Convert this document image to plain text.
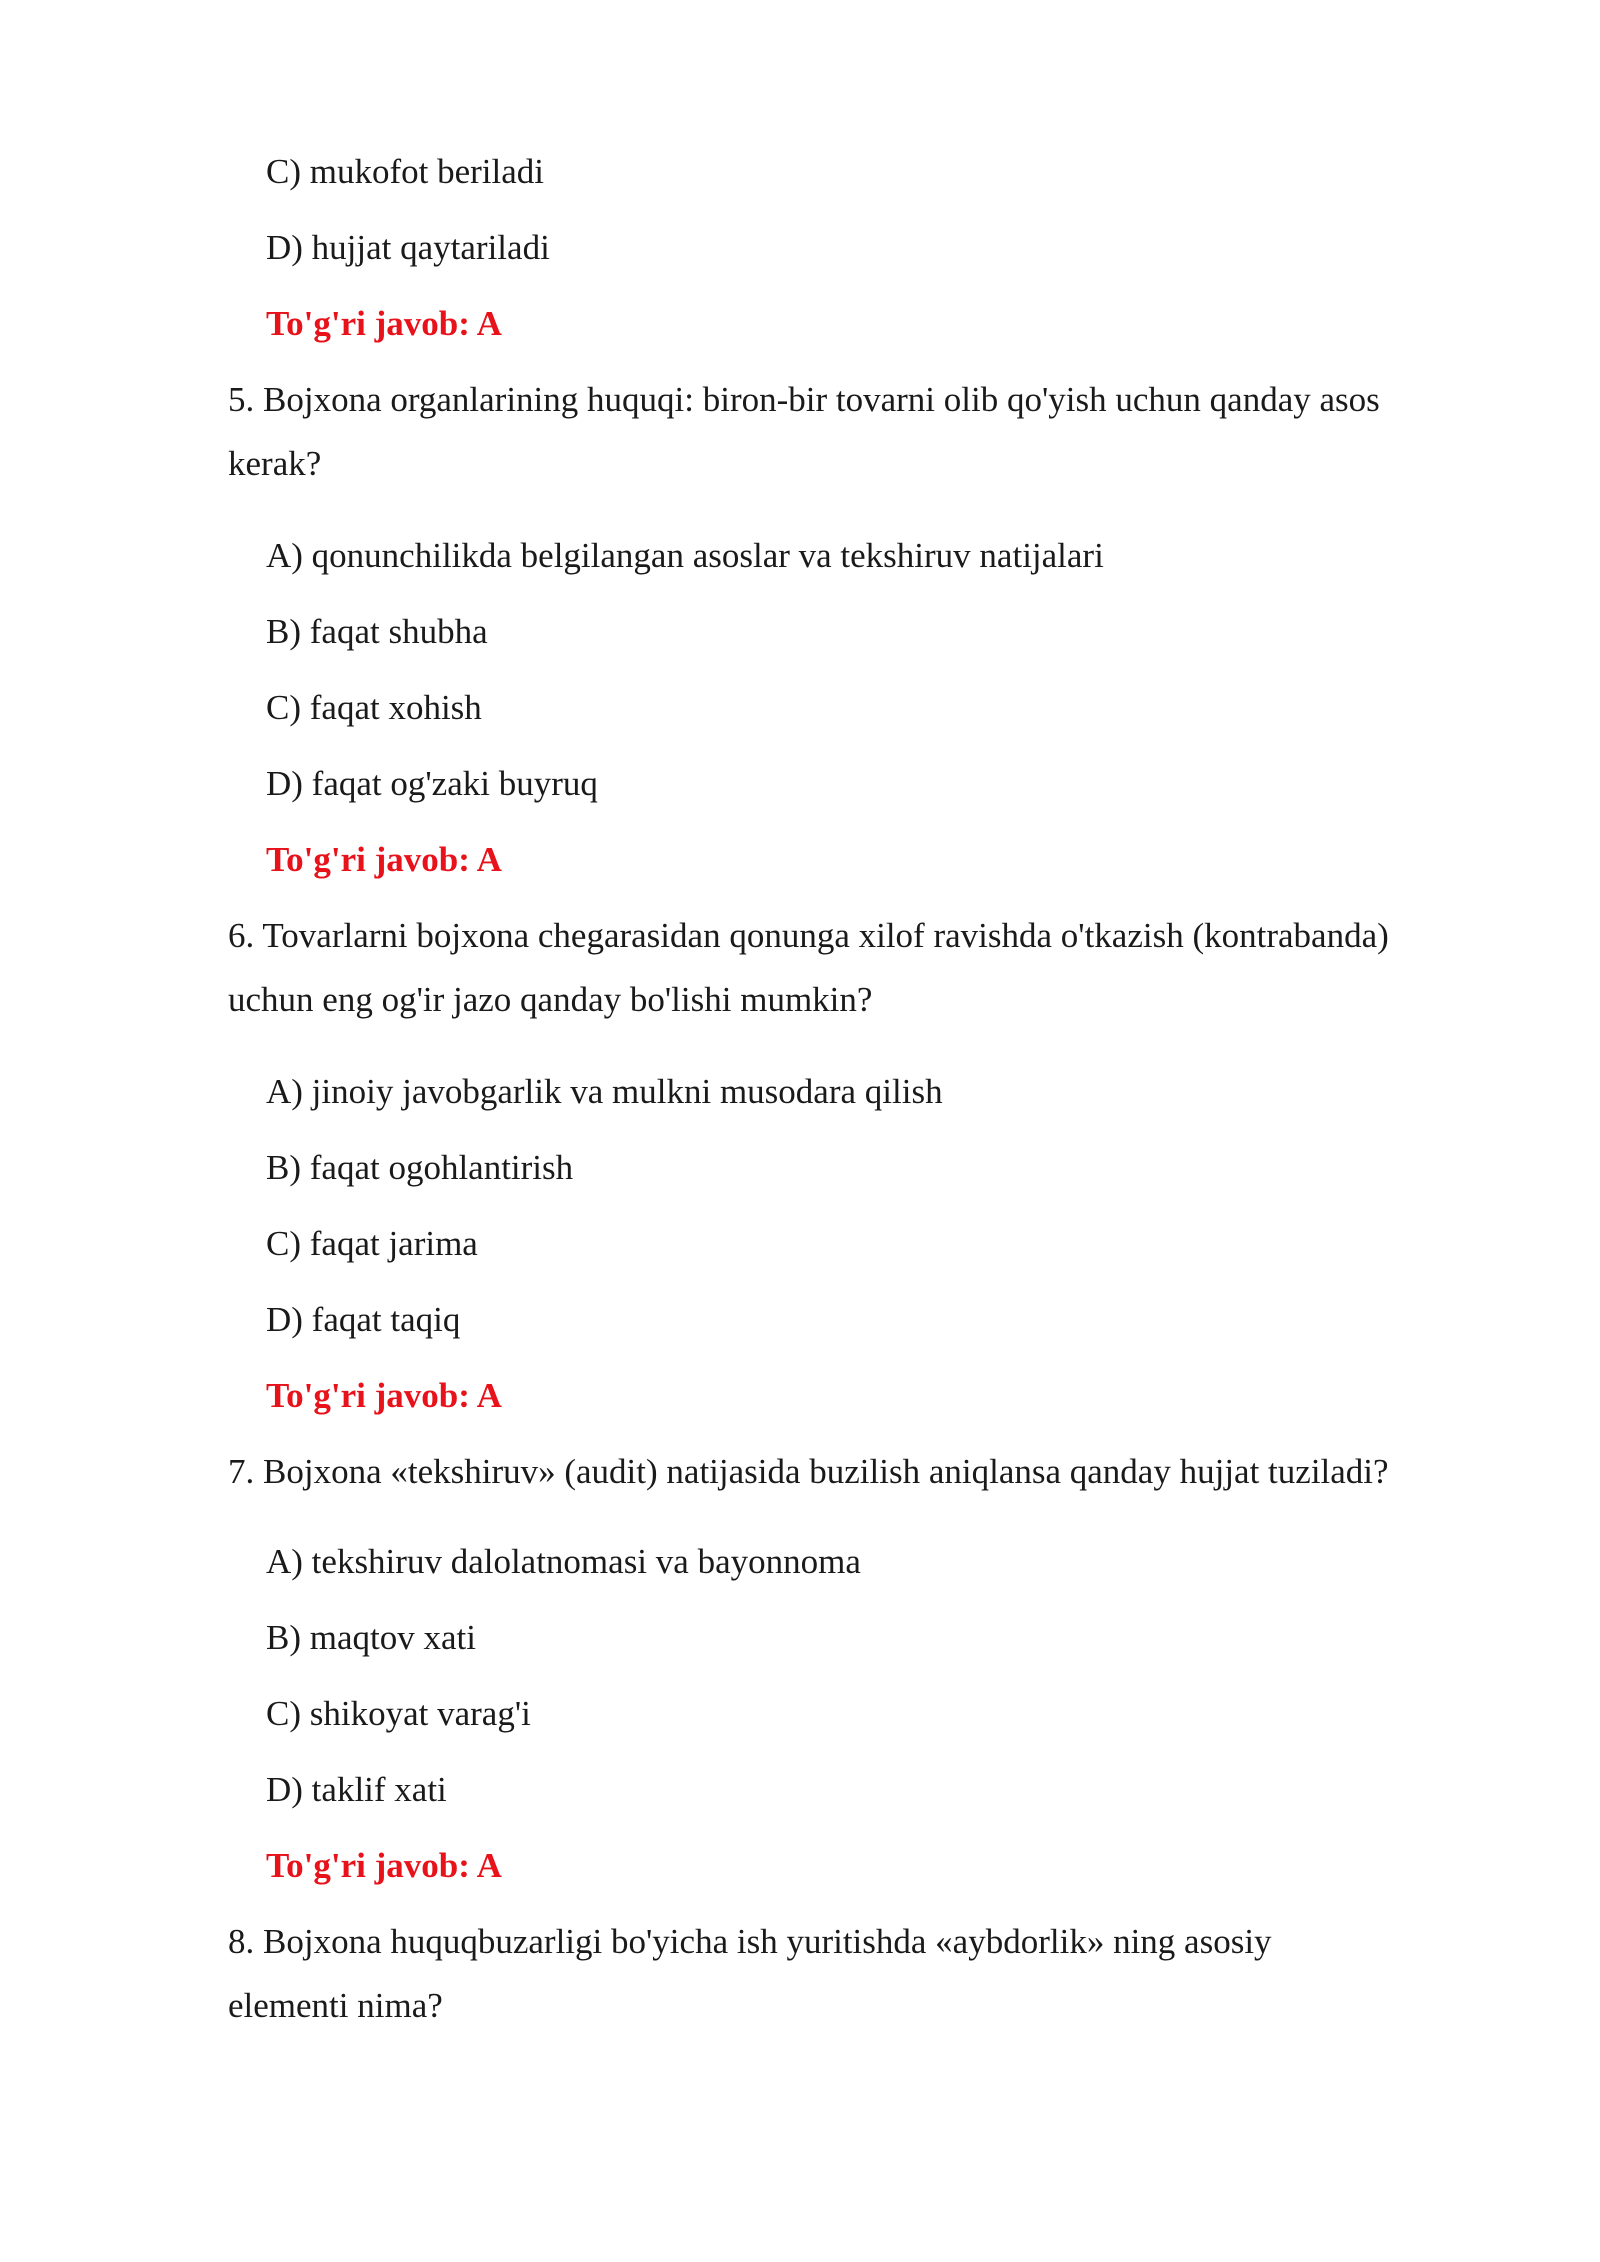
C) mukofot beriladi
D) hujjat qaytariladi
To'g'ri javob: A
5. Bojxona organlarining huquqi: biron-bir tovarni olib qo'yish uchun qanday asos
kerak?
A) qonunchilikda belgilangan asoslar va tekshiruv natijalari
B) faqat shubha
C) faqat xohish
D) faqat og'zaki buyruq
To'g'ri javob: A
6. Tovarlarni bojxona chegarasidan qonunga xilof ravishda o'tkazish (kontrabanda)
uchun eng og'ir jazo qanday bo'lishi mumkin?
A) jinoiy javobgarlik va mulkni musodara qilish
B) faqat ogohlantirish
C) faqat jarima
D) faqat taqiq
To'g'ri javob: A
7. Bojxona «tekshiruv» (audit) natijasida buzilish aniqlansa qanday hujjat tuziladi?
A) tekshiruv dalolatnomasi va bayonnoma
B) maqtov xati
C) shikoyat varag'i
D) taklif xati
To'g'ri javob: A
8. Bojxona huquqbuzarligi bo'yicha ish yuritishda «aybdorlik» ning asosiy
elementi nima?
